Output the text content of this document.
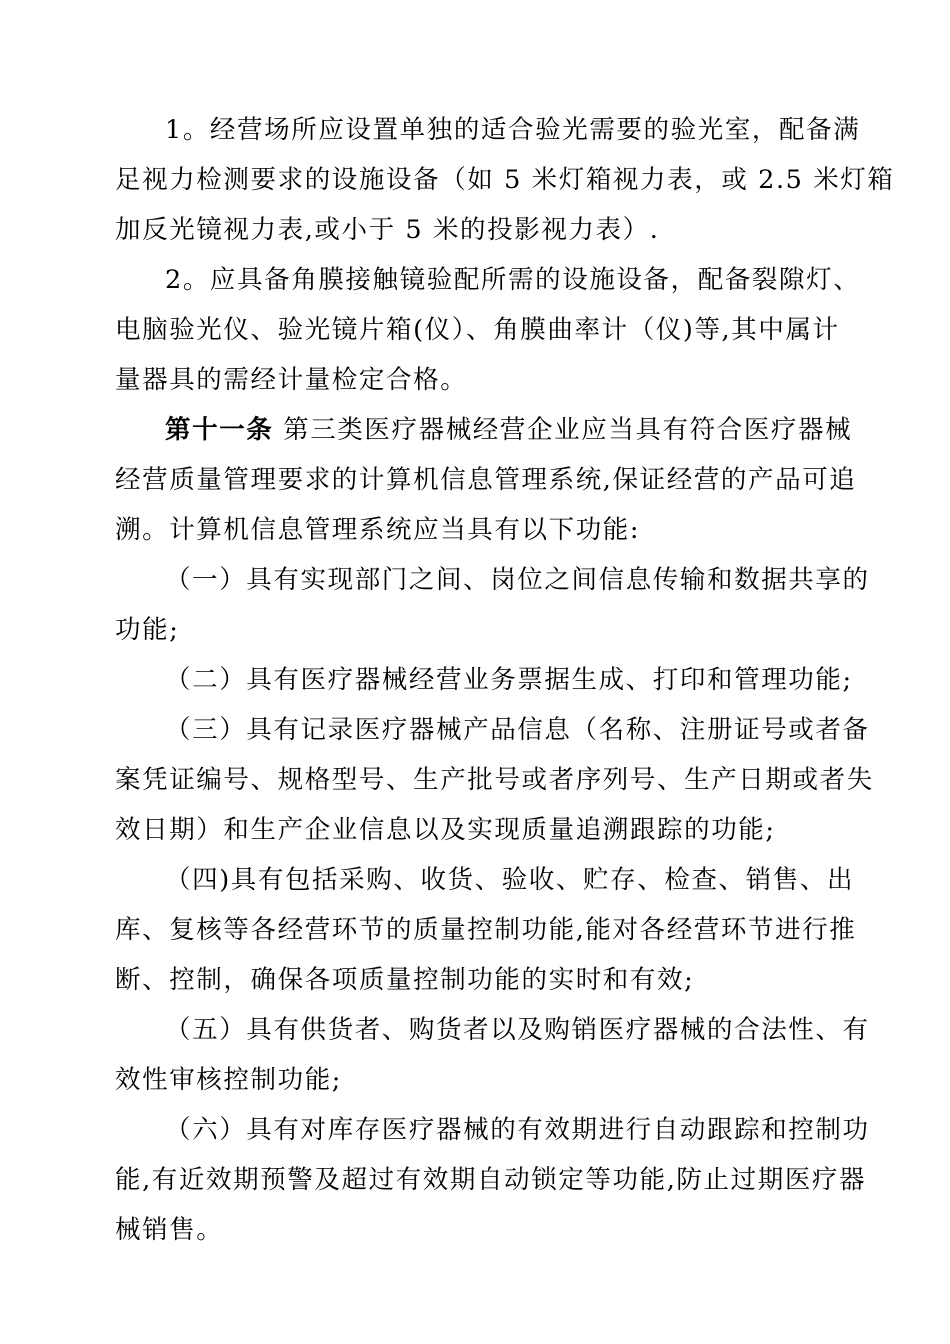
1。经营场所应设置单独的适合验光需要的验光室，配备满
足视力检测要求的设施设备（如 5 米灯箱视力表，或 2.5 米灯箱
加反光镜视力表,或小于 5 米的投影视力表）.
2。应具备角膜接触镜验配所需的设施设备，配备裂隙灯、
电脑验光仪、验光镜片箱(仪）、角膜曲率计（仪)等,其中属计
量器具的需经计量检定合格。
第十一条 第三类医疗器械经营企业应当具有符合医疗器械
经营质量管理要求的计算机信息管理系统,保证经营的产品可追
溯。计算机信息管理系统应当具有以下功能:
（一）具有实现部门之间、岗位之间信息传输和数据共享的
功能;
（二）具有医疗器械经营业务票据生成、打印和管理功能;
（三）具有记录医疗器械产品信息（名称、注册证号或者备
案凭证编号、规格型号、生产批号或者序列号、生产日期或者失
效日期）和生产企业信息以及实现质量追溯跟踪的功能;
（四)具有包括采购、收货、验收、贮存、检查、销售、出
库、复核等各经营环节的质量控制功能,能对各经营环节进行推
断、控制，确保各项质量控制功能的实时和有效;
（五）具有供货者、购货者以及购销医疗器械的合法性、有
效性审核控制功能;
（六）具有对库存医疗器械的有效期进行自动跟踪和控制功
能,有近效期预警及超过有效期自动锁定等功能,防止过期医疗器
械销售。
